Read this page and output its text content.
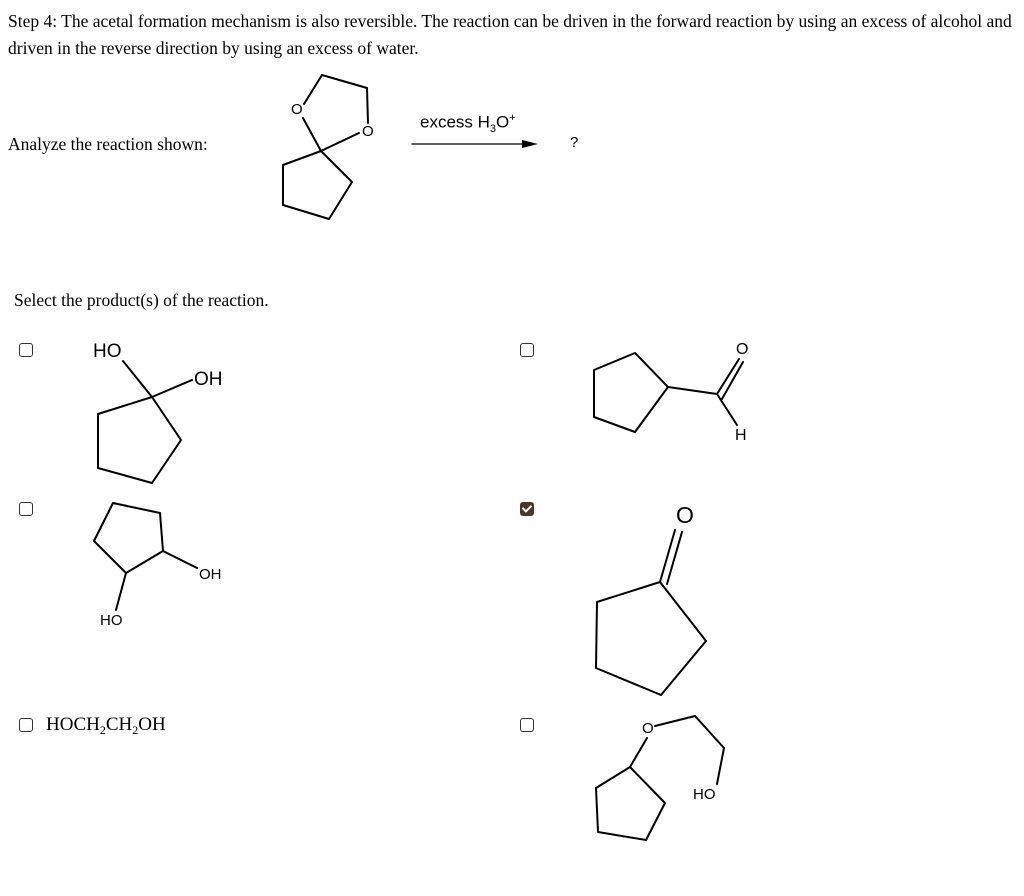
Step 4: The acetal formation mechanism is also reversible. The reaction can be driven in the forward reaction by using an excess of alcohol and driven in the reverse direction by using an excess of water.
Analyze the reaction shown:
O
O	excess $H_3O^+$
?
Select the product(s) of the reaction.
HO
OH
O
H
OH
HO
O
$HOCH_2CH_2OH$	O
HO
